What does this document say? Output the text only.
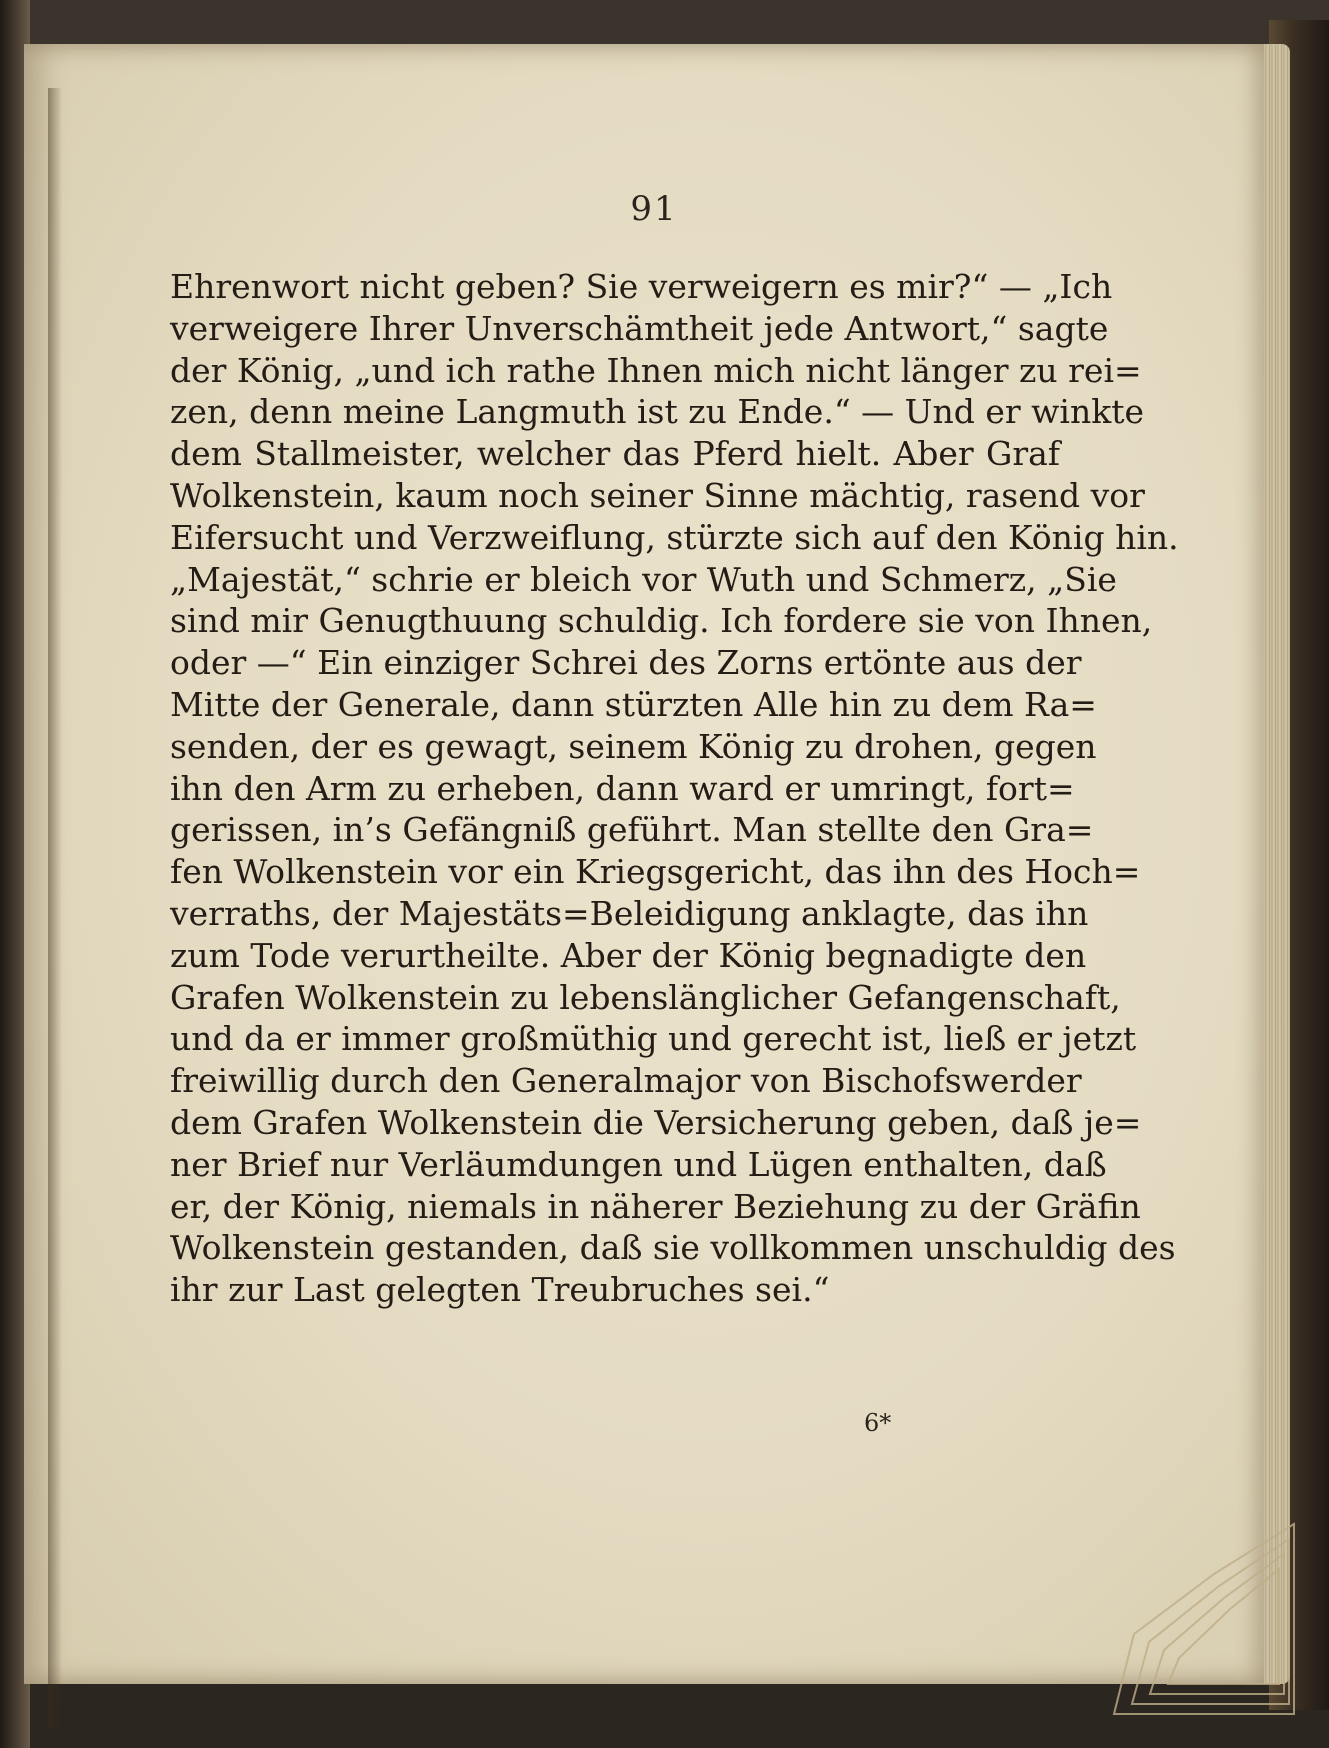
91
Ehrenwort nicht geben? Sie verweigern es mir?“ — „Ich
verweigere Ihrer Unverschämtheit jede Antwort,“ sagte
der König, „und ich rathe Ihnen mich nicht länger zu rei=
zen, denn meine Langmuth ist zu Ende.“ — Und er winkte
dem Stallmeister, welcher das Pferd hielt. Aber Graf
Wolkenstein, kaum noch seiner Sinne mächtig, rasend vor
Eifersucht und Verzweiflung, stürzte sich auf den König hin.
„Majestät,“ schrie er bleich vor Wuth und Schmerz, „Sie
sind mir Genugthuung schuldig. Ich fordere sie von Ihnen,
oder —“ Ein einziger Schrei des Zorns ertönte aus der
Mitte der Generale, dann stürzten Alle hin zu dem Ra=
senden, der es gewagt, seinem König zu drohen, gegen
ihn den Arm zu erheben, dann ward er umringt, fort=
gerissen, in’s Gefängniß geführt. Man stellte den Gra=
fen Wolkenstein vor ein Kriegsgericht, das ihn des Hoch=
verraths, der Majestäts=Beleidigung anklagte, das ihn
zum Tode verurtheilte. Aber der König begnadigte den
Grafen Wolkenstein zu lebenslänglicher Gefangenschaft,
und da er immer großmüthig und gerecht ist, ließ er jetzt
freiwillig durch den Generalmajor von Bischofswerder
dem Grafen Wolkenstein die Versicherung geben, daß je=
ner Brief nur Verläumdungen und Lügen enthalten, daß
er, der König, niemals in näherer Beziehung zu der Gräfin
Wolkenstein gestanden, daß sie vollkommen unschuldig des
ihr zur Last gelegten Treubruches sei.“
6*
